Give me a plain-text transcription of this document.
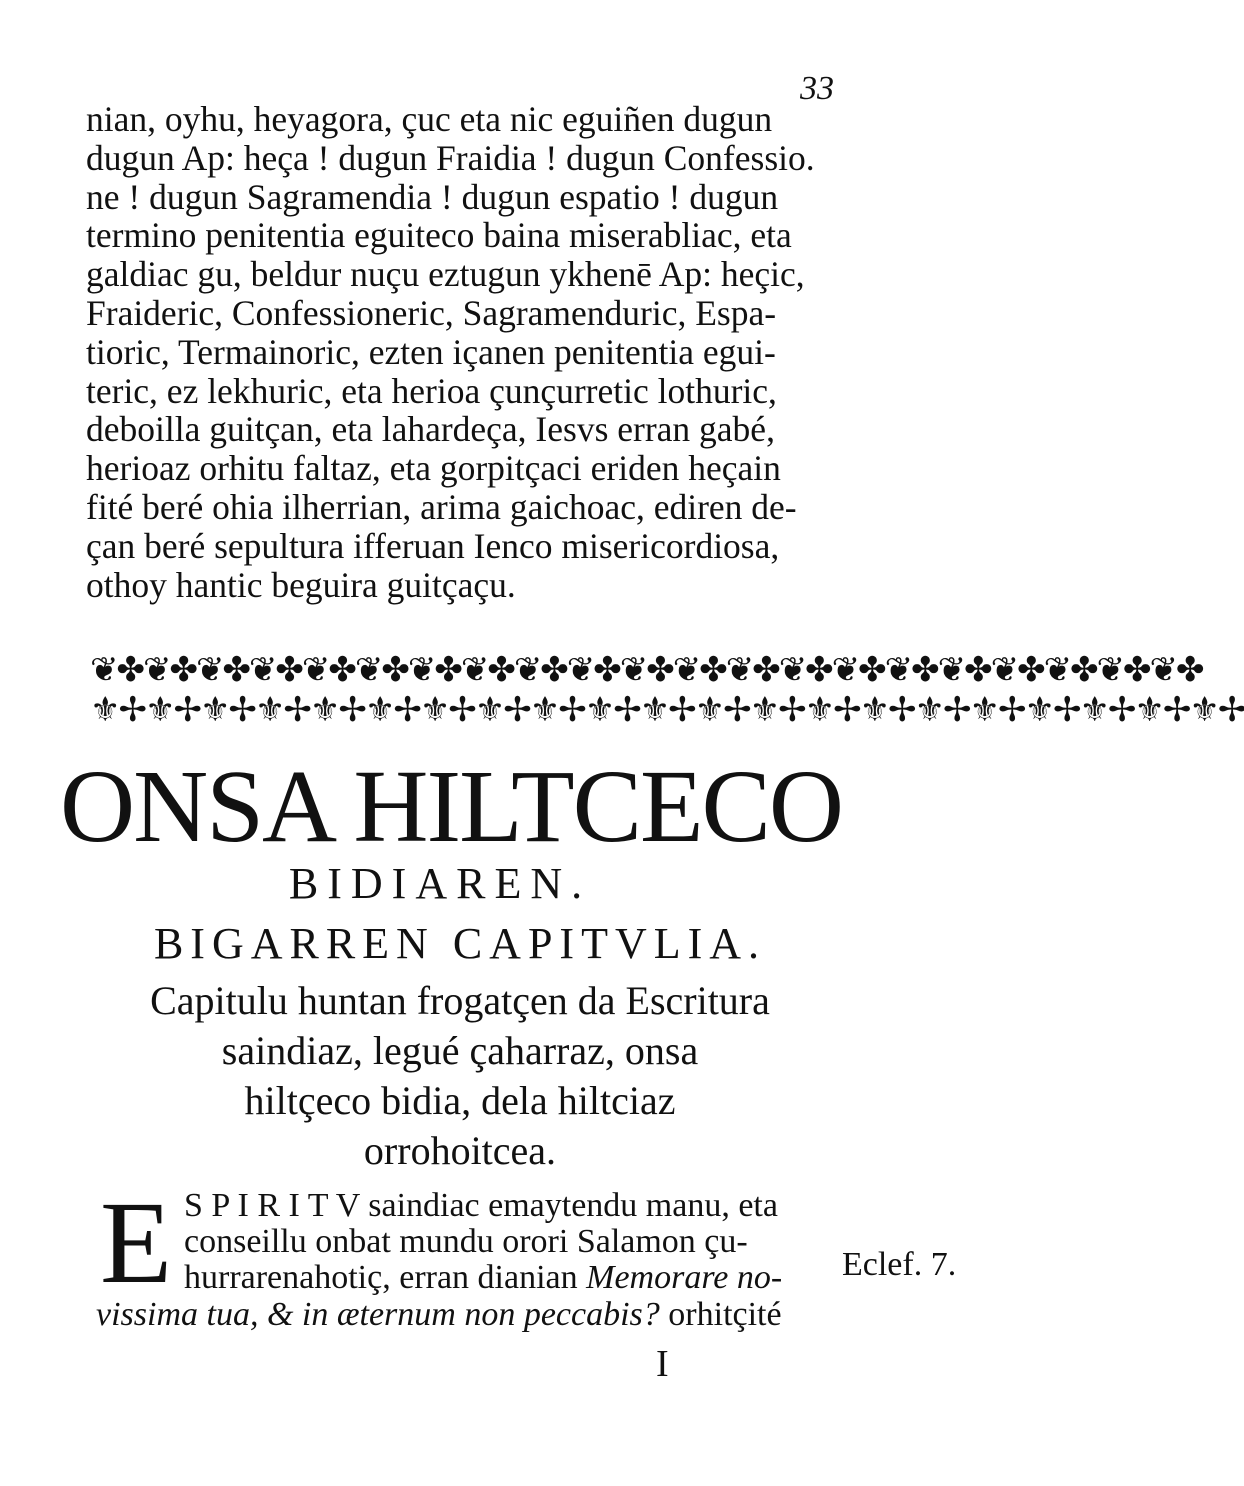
33
nian, oyhu, heyagora, çuc eta nic eguiñen dugun
dugun Ap: heça ! dugun Fraidia ! dugun Confessio.
ne ! dugun Sagramendia ! dugun espatio ! dugun
termino penitentia eguiteco baina miserabliac, eta
galdiac gu, beldur nuçu eztugun ykhenē Ap: heçic,
Fraideric, Confessioneric, Sagramenduric, Espa-
tioric, Termainoric, ezten içanen penitentia egui-
teric, ez lekhuric, eta herioa çunçurretic lothuric,
deboilla guitçan, eta lahardeça, Iesvs erran gabé,
herioaz orhitu faltaz, eta gorpitçaci eriden heçain
fité beré ohia ilherrian, arima gaichoac, ediren de-
çan beré sepultura ifferuan Ienco misericordiosa,
othoy hantic beguira guitçaçu.
❦✤❦✤❦✤❦✤❦✤❦✤❦✤❦✤❦✤❦✤❦✤❦✤❦✤❦✤❦✤❦✤❦✤❦✤❦✤❦✤❦✤
⚜✢⚜✢⚜✢⚜✢⚜✢⚜✢⚜✢⚜✢⚜✢⚜✢⚜✢⚜✢⚜✢⚜✢⚜✢⚜✢⚜✢⚜✢⚜✢⚜✢⚜✢
ONSA HILTCECO
BIDIAREN.
BIGARREN CAPITVLIA.
Capitulu huntan frogatçen da Escritura
saindiaz, legué çaharraz, onsa
hiltçeco bidia, dela hiltciaz
orrohoitcea.
E S P I R I T V saindiac emaytendu manu, eta
conseillu onbat mundu orori Salamon çu-
hurrarenahotiç, erran dianian Memorare no-	Eclef. 7.
vissima tua, & in æternum non peccabis? orhitçité
I
